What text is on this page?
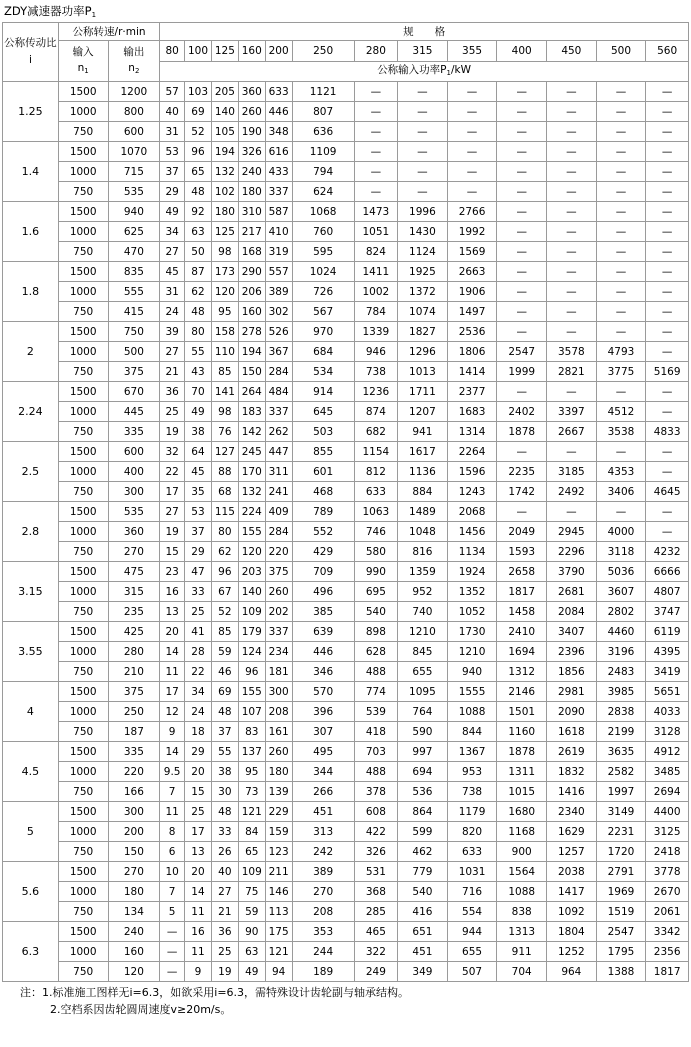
ZDY减速器功率$P_1$
公称传动比i	公称转速/r·min		规　　格												
	输入
$n_1$	输出
$n_2$	80	100	125	160	200	250	280	315	355	400	450	500	560
			公称输入功率$P_1/kW$												
1.25	1500	1200	57	103	205	360	633	1121	—	—	—	—	—	—	—
	1000	800	40	69	140	260	446	807	—	—	—	—	—	—	—
	750	600	31	52	105	190	348	636	—	—	—	—	—	—	—
1.4	1500	1070	53	96	194	326	616	1109	—	—	—	—	—	—	—
	1000	715	37	65	132	240	433	794	—	—	—	—	—	—	—
	750	535	29	48	102	180	337	624	—	—	—	—	—	—	—
1.6	1500	940	49	92	180	310	587	1068	1473	1996	2766	—	—	—	—
	1000	625	34	63	125	217	410	760	1051	1430	1992	—	—	—	—
	750	470	27	50	98	168	319	595	824	1124	1569	—	—	—	—
1.8	1500	835	45	87	173	290	557	1024	1411	1925	2663	—	—	—	—
	1000	555	31	62	120	206	389	726	1002	1372	1906	—	—	—	—
	750	415	24	48	95	160	302	567	784	1074	1497	—	—	—	—
2	1500	750	39	80	158	278	526	970	1339	1827	2536	—	—	—	—
	1000	500	27	55	110	194	367	684	946	1296	1806	2547	3578	4793	—
	750	375	21	43	85	150	284	534	738	1013	1414	1999	2821	3775	5169
2.24	1500	670	36	70	141	264	484	914	1236	1711	2377	—	—	—	—
	1000	445	25	49	98	183	337	645	874	1207	1683	2402	3397	4512	—
	750	335	19	38	76	142	262	503	682	941	1314	1878	2667	3538	4833
2.5	1500	600	32	64	127	245	447	855	1154	1617	2264	—	—	—	—
	1000	400	22	45	88	170	311	601	812	1136	1596	2235	3185	4353	—
	750	300	17	35	68	132	241	468	633	884	1243	1742	2492	3406	4645
2.8	1500	535	27	53	115	224	409	789	1063	1489	2068	—	—	—	—
	1000	360	19	37	80	155	284	552	746	1048	1456	2049	2945	4000	—
	750	270	15	29	62	120	220	429	580	816	1134	1593	2296	3118	4232
3.15	1500	475	23	47	96	203	375	709	990	1359	1924	2658	3790	5036	6666
	1000	315	16	33	67	140	260	496	695	952	1352	1817	2681	3607	4807
	750	235	13	25	52	109	202	385	540	740	1052	1458	2084	2802	3747
3.55	1500	425	20	41	85	179	337	639	898	1210	1730	2410	3407	4460	6119
	1000	280	14	28	59	124	234	446	628	845	1210	1694	2396	3196	4395
	750	210	11	22	46	96	181	346	488	655	940	1312	1856	2483	3419
4	1500	375	17	34	69	155	300	570	774	1095	1555	2146	2981	3985	5651
	1000	250	12	24	48	107	208	396	539	764	1088	1501	2090	2838	4033
	750	187	9	18	37	83	161	307	418	590	844	1160	1618	2199	3128
4.5	1500	335	14	29	55	137	260	495	703	997	1367	1878	2619	3635	4912
	1000	220	9.5	20	38	95	180	344	488	694	953	1311	1832	2582	3485
	750	166	7	15	30	73	139	266	378	536	738	1015	1416	1997	2694
5	1500	300	11	25	48	121	229	451	608	864	1179	1680	2340	3149	4400
	1000	200	8	17	33	84	159	313	422	599	820	1168	1629	2231	3125
	750	150	6	13	26	65	123	242	326	462	633	900	1257	1720	2418
5.6	1500	270	10	20	40	109	211	389	531	779	1031	1564	2038	2791	3778
	1000	180	7	14	27	75	146	270	368	540	716	1088	1417	1969	2670
	750	134	5	11	21	59	113	208	285	416	554	838	1092	1519	2061
6.3	1500	240	—	16	36	90	175	353	465	651	944	1313	1804	2547	3342
	1000	160	—	11	25	63	121	244	322	451	655	911	1252	1795	2356
	750	120	—	9	19	49	94	189	249	349	507	704	964	1388	1817
注：1.标准施工图样无i=6.3，如欲采用i=6.3，需特殊设计齿轮副与轴承结构。
2.空档系因齿轮圆周速度v≥20m/s。
